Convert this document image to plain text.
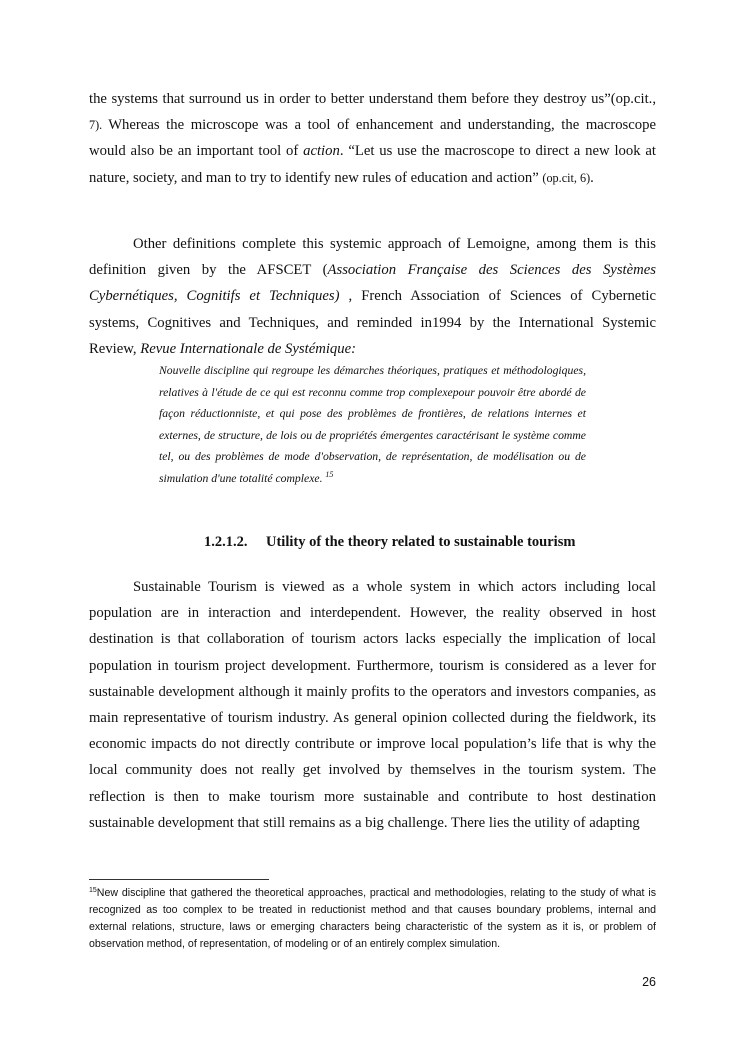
the systems that surround us in order to better understand them before they destroy us”(op.cit., 7). Whereas the microscope was a tool of enhancement and understanding, the macroscope would also be an important tool of action. “Let us use the macroscope to direct a new look at nature, society, and man to try to identify new rules of education and action” (op.cit, 6).

Other definitions complete this systemic approach of Lemoigne, among them is this definition given by the AFSCET (Association Française des Sciences des Systèmes Cybernétiques, Cognitifs et Techniques) , French Association of Sciences of Cybernetic systems, Cognitives and Techniques, and reminded in1994 by the International Systemic Review, Revue Internationale de Systémique:

Nouvelle discipline qui regroupe les démarches théoriques, pratiques et méthodologiques, relatives à l'étude de ce qui est reconnu comme trop complexepour pouvoir être abordé de façon réductionniste, et qui pose des problèmes de frontières, de relations internes et externes, de structure, de lois ou de propriétés émergentes caractérisant le système comme tel, ou des problèmes de mode d'observation, de représentation, de modélisation ou de simulation d'une totalité complexe. $^{15}$

1.2.1.2. Utility of the theory related to sustainable tourism

Sustainable Tourism is viewed as a whole system in which actors including local population are in interaction and interdependent. However, the reality observed in host destination is that collaboration of tourism actors lacks especially the implication of local population in tourism project development. Furthermore, tourism is considered as a lever for sustainable development although it mainly profits to the operators and investors companies, as main representative of tourism industry. As general opinion collected during the fieldwork, its economic impacts do not directly contribute or improve local population’s life that is why the local community does not really get involved by themselves in the tourism system. The reflection is then to make tourism more sustainable and contribute to host destination sustainable development that still remains as a big challenge. There lies the utility of adapting

$^{15}$New discipline that gathered the theoretical approaches, practical and methodologies, relating to the study of what is recognized as too complex to be treated in reductionist method and that causes boundary problems, internal and external relations, structure, laws or emerging characters being characteristic of the system as it is, or problem of observation method, of representation, of modeling or of an entirely complex simulation.
26
